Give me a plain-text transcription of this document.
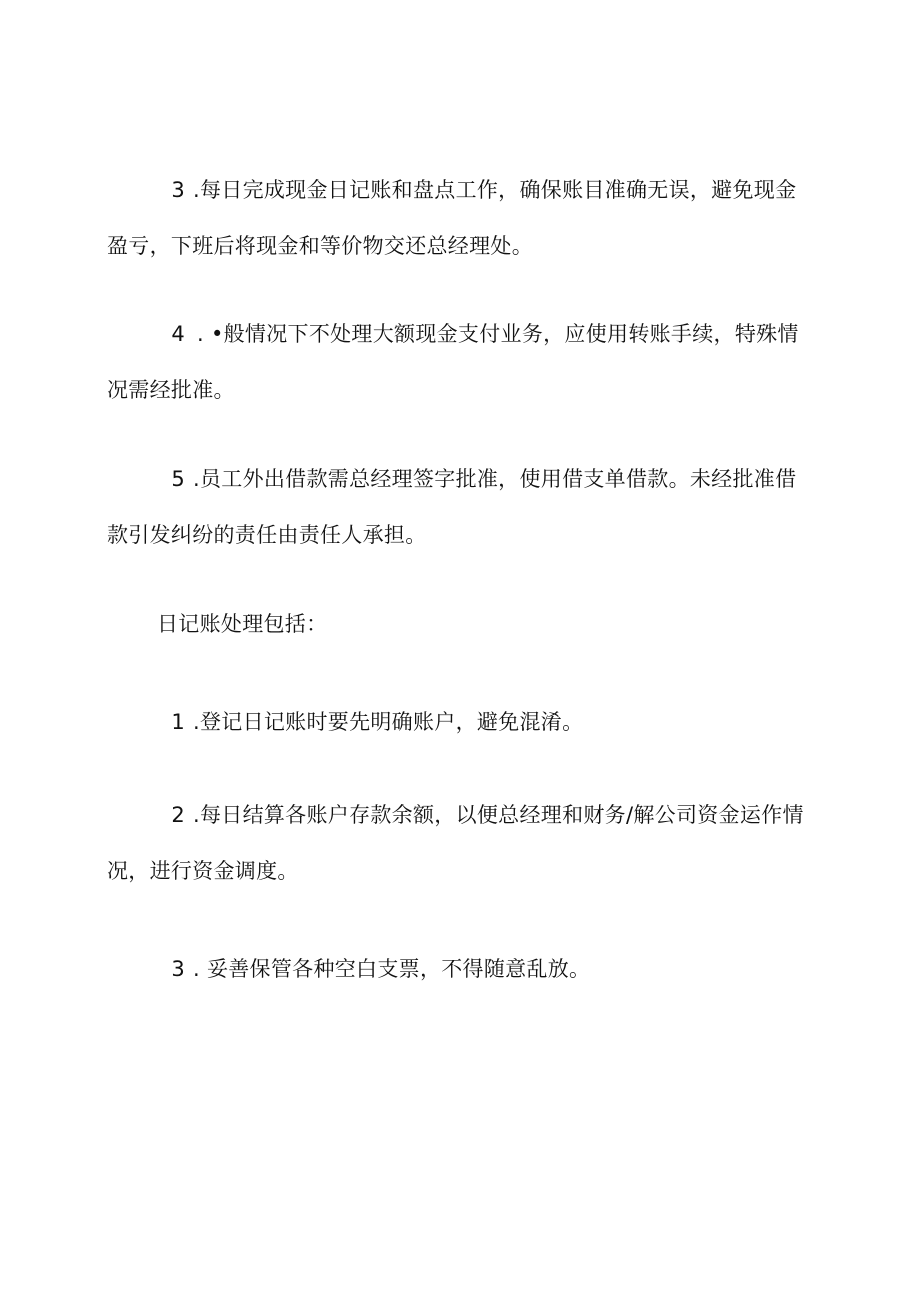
3 .每日完成现金日记账和盘点工作，确保账目准确无误，避免现金盈亏，下班后将现金和等价物交还总经理处。

4 . •般情况下不处理大额现金支付业务，应使用转账手续，特殊情况需经批准。

5 .员工外出借款需总经理签字批准，使用借支单借款。未经批准借款引发纠纷的责任由责任人承担。

日记账处理包括：

1 .登记日记账时要先明确账户，避免混淆。

2 .每日结算各账户存款余额，以便总经理和财务/解公司资金运作情况，进行资金调度。

3 . 妥善保管各种空白支票，不得随意乱放。
